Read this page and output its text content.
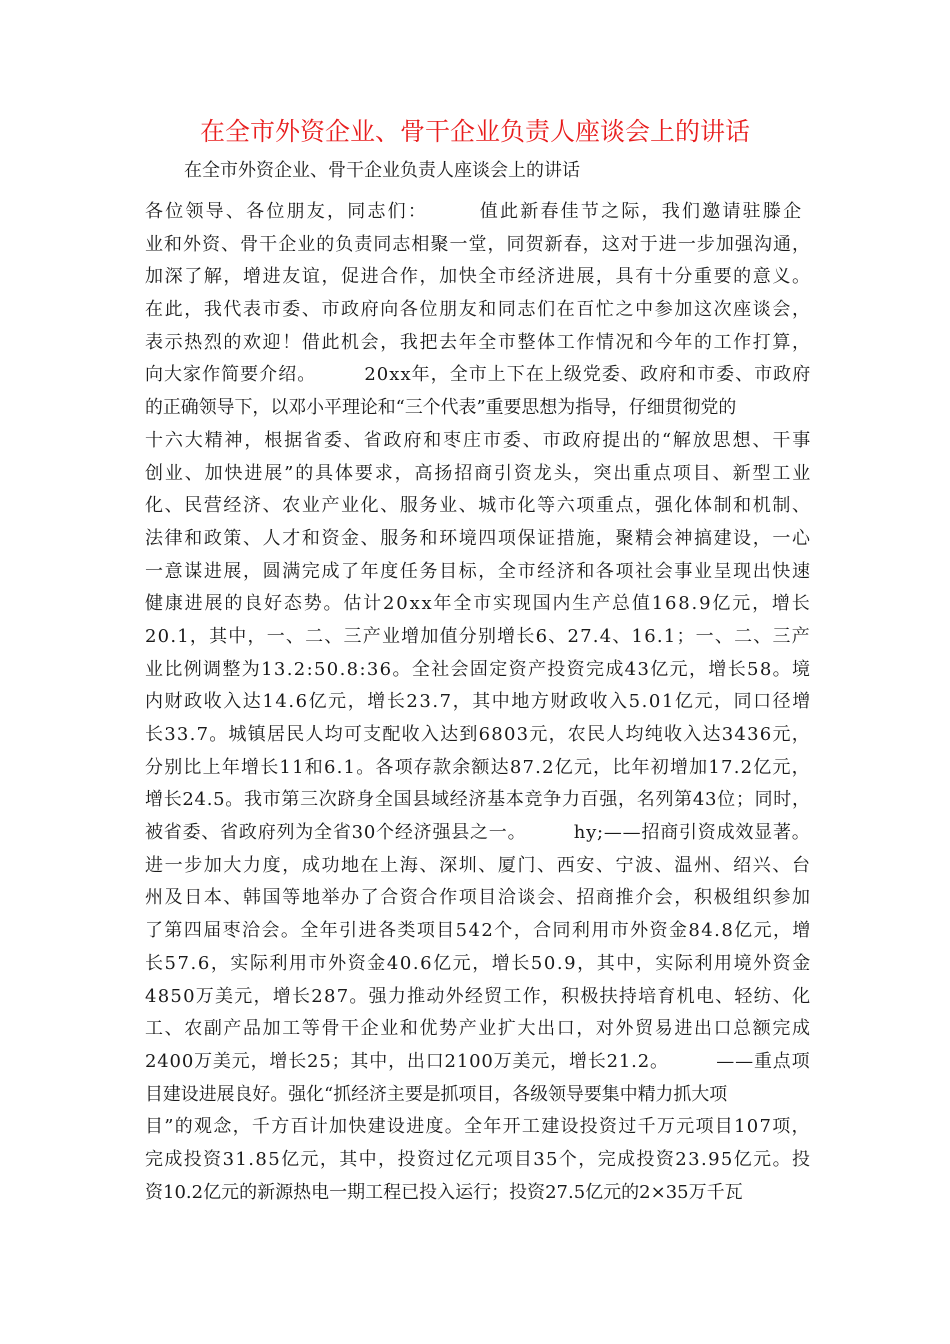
在全市外资企业、骨干企业负责人座谈会上的讲话
在全市外资企业、骨干企业负责人座谈会上的讲话
各位领导、各位朋友，同志们：　　　值此新春佳节之际，我们邀请驻滕企
业和外资、骨干企业的负责同志相聚一堂，同贺新春，这对于进一步加强沟通，
加深了解，增进友谊，促进合作，加快全市经济进展，具有十分重要的意义。
在此，我代表市委、市政府向各位朋友和同志们在百忙之中参加这次座谈会，
表示热烈的欢迎！借此机会，我把去年全市整体工作情况和今年的工作打算，
向大家作简要介绍。　　　20xx年，全市上下在上级党委、政府和市委、市政府
的正确领导下，以邓小平理论和“三个代表”重要思想为指导，仔细贯彻党的
十六大精神，根据省委、省政府和枣庄市委、市政府提出的“解放思想、干事
创业、加快进展”的具体要求，高扬招商引资龙头，突出重点项目、新型工业
化、民营经济、农业产业化、服务业、城市化等六项重点，强化体制和机制、
法律和政策、人才和资金、服务和环境四项保证措施，聚精会神搞建设，一心
一意谋进展，圆满完成了年度任务目标，全市经济和各项社会事业呈现出快速
健康进展的良好态势。估计20xx年全市实现国内生产总值168.9亿元，增长
20.1，其中，一、二、三产业增加值分别增长6、27.4、16.1；一、二、三产
业比例调整为13.2:50.8:36。全社会固定资产投资完成43亿元，增长58。境
内财政收入达14.6亿元，增长23.7，其中地方财政收入5.01亿元，同口径增
长33.7。城镇居民人均可支配收入达到6803元，农民人均纯收入达3436元，
分别比上年增长11和6.1。各项存款余额达87.2亿元，比年初增加17.2亿元，
增长24.5。我市第三次跻身全国县域经济基本竞争力百强，名列第43位；同时，
被省委、省政府列为全省30个经济强县之一。　　　hy;——招商引资成效显著。
进一步加大力度，成功地在上海、深圳、厦门、西安、宁波、温州、绍兴、台
州及日本、韩国等地举办了合资合作项目洽谈会、招商推介会，积极组织参加
了第四届枣洽会。全年引进各类项目542个，合同利用市外资金84.8亿元，增
长57.6，实际利用市外资金40.6亿元，增长50.9，其中，实际利用境外资金
4850万美元，增长287。强力推动外经贸工作，积极扶持培育机电、轻纺、化
工、农副产品加工等骨干企业和优势产业扩大出口，对外贸易进出口总额完成
2400万美元，增长25；其中，出口2100万美元，增长21.2。　　　——重点项
目建设进展良好。强化“抓经济主要是抓项目，各级领导要集中精力抓大项
目”的观念，千方百计加快建设进度。全年开工建设投资过千万元项目107项，
完成投资31.85亿元，其中，投资过亿元项目35个，完成投资23.95亿元。投
资10.2亿元的新源热电一期工程已投入运行；投资27.5亿元的2×35万千瓦
